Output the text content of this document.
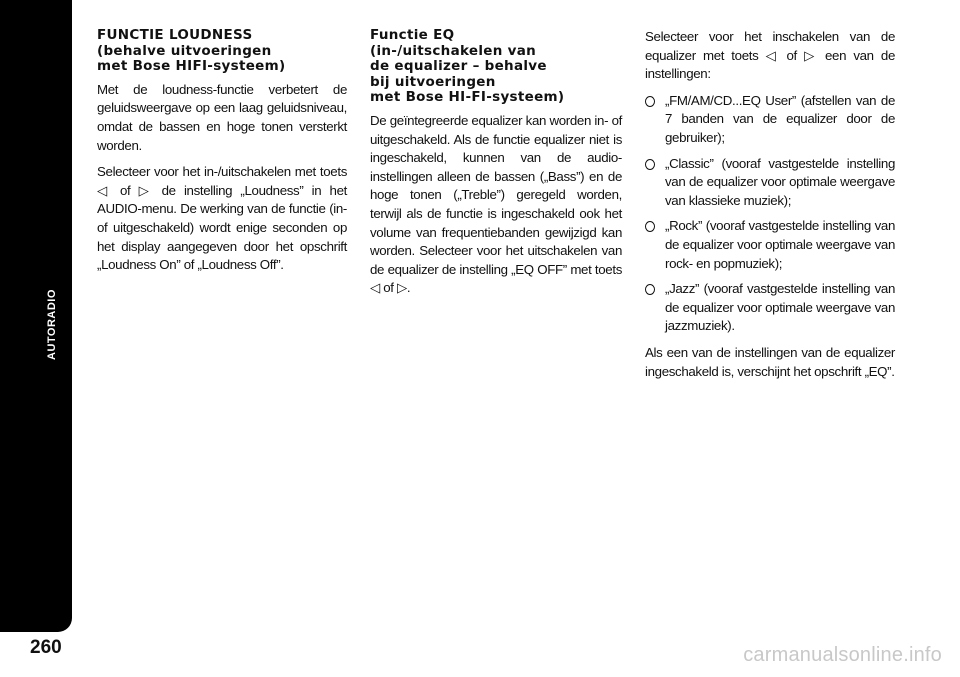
AUTORADIO
260
FUNCTIE LOUDNESS
(behalve uitvoeringen
met Bose HIFI-systeem)

Met de loudness-functie verbetert de geluidsweergave op een laag geluidsniveau, omdat de bassen en hoge tonen versterkt worden.

Selecteer voor het in-/uitschakelen met toets ◁ of ▷ de instelling „Loudness” in het AUDIO-menu. De werking van de functie (in- of uitgeschakeld) wordt enige seconden op het display aangegeven door het opschrift „Loudness On” of „Loudness Off”.

Functie EQ
(in-/uitschakelen van
de equalizer – behalve
bij uitvoeringen
met Bose HI-FI-systeem)

De geïntegreerde equalizer kan worden in- of uitgeschakeld. Als de functie equalizer niet is ingeschakeld, kunnen van de audio-instellingen alleen de bassen („Bass”) en de hoge tonen („Treble”) geregeld worden, terwijl als de functie is ingeschakeld ook het volume van frequentiebanden gewijzigd kan worden. Selecteer voor het uitschakelen van de equalizer de instelling „EQ OFF” met toets ◁ of ▷.

Selecteer voor het inschakelen van de equalizer met toets ◁ of ▷ een van de instellingen:

„FM/AM/CD...EQ User” (afstellen van de 7 banden van de equalizer door de gebruiker);
„Classic” (vooraf vastgestelde instelling van de equalizer voor optimale weergave van klassieke muziek);
„Rock” (vooraf vastgestelde instelling van de equalizer voor optimale weergave van rock- en popmuziek);
„Jazz” (vooraf vastgestelde instelling van de equalizer voor optimale weergave van jazzmuziek).

Als een van de instellingen van de equalizer ingeschakeld is, verschijnt het opschrift „EQ”.

carmanualsonline.info
